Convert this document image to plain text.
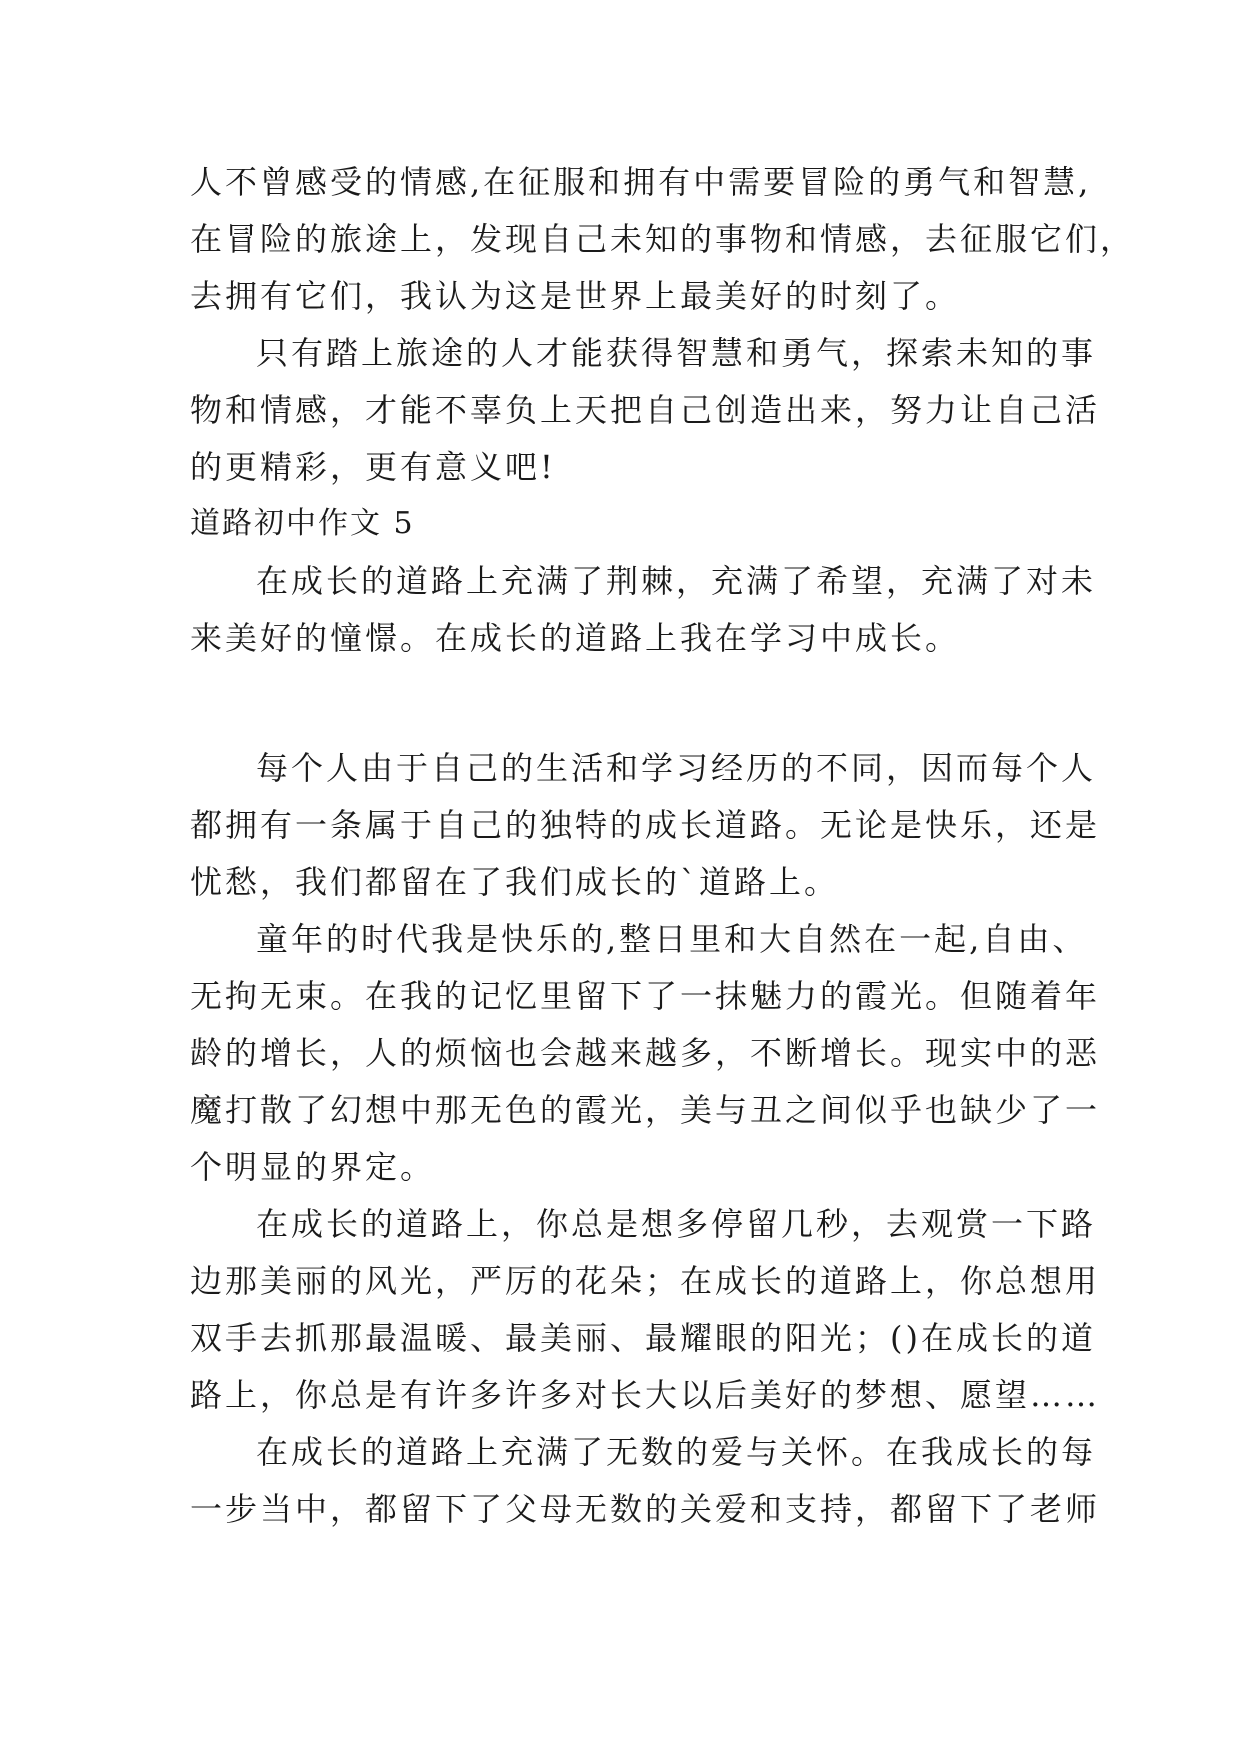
人不曾感受的情感,在征服和拥有中需要冒险的勇气和智慧,
在冒险的旅途上，发现自己未知的事物和情感，去征服它们，
去拥有它们，我认为这是世界上最美好的时刻了。
只有踏上旅途的人才能获得智慧和勇气，探索未知的事
物和情感，才能不辜负上天把自己创造出来，努力让自己活
的更精彩，更有意义吧!
道路初中作文 5
在成长的道路上充满了荆棘，充满了希望，充满了对未
来美好的憧憬。在成长的道路上我在学习中成长。
每个人由于自己的生活和学习经历的不同，因而每个人
都拥有一条属于自己的独特的成长道路。无论是快乐，还是
忧愁，我们都留在了我们成长的`道路上。
童年的时代我是快乐的,整日里和大自然在一起,自由、
无拘无束。在我的记忆里留下了一抹魅力的霞光。但随着年
龄的增长，人的烦恼也会越来越多，不断增长。现实中的恶
魔打散了幻想中那无色的霞光，美与丑之间似乎也缺少了一
个明显的界定。
在成长的道路上，你总是想多停留几秒，去观赏一下路
边那美丽的风光，严厉的花朵；在成长的道路上，你总想用
双手去抓那最温暖、最美丽、最耀眼的阳光；()在成长的道
路上，你总是有许多许多对长大以后美好的梦想、愿望……
在成长的道路上充满了无数的爱与关怀。在我成长的每
一步当中，都留下了父母无数的关爱和支持，都留下了老师
